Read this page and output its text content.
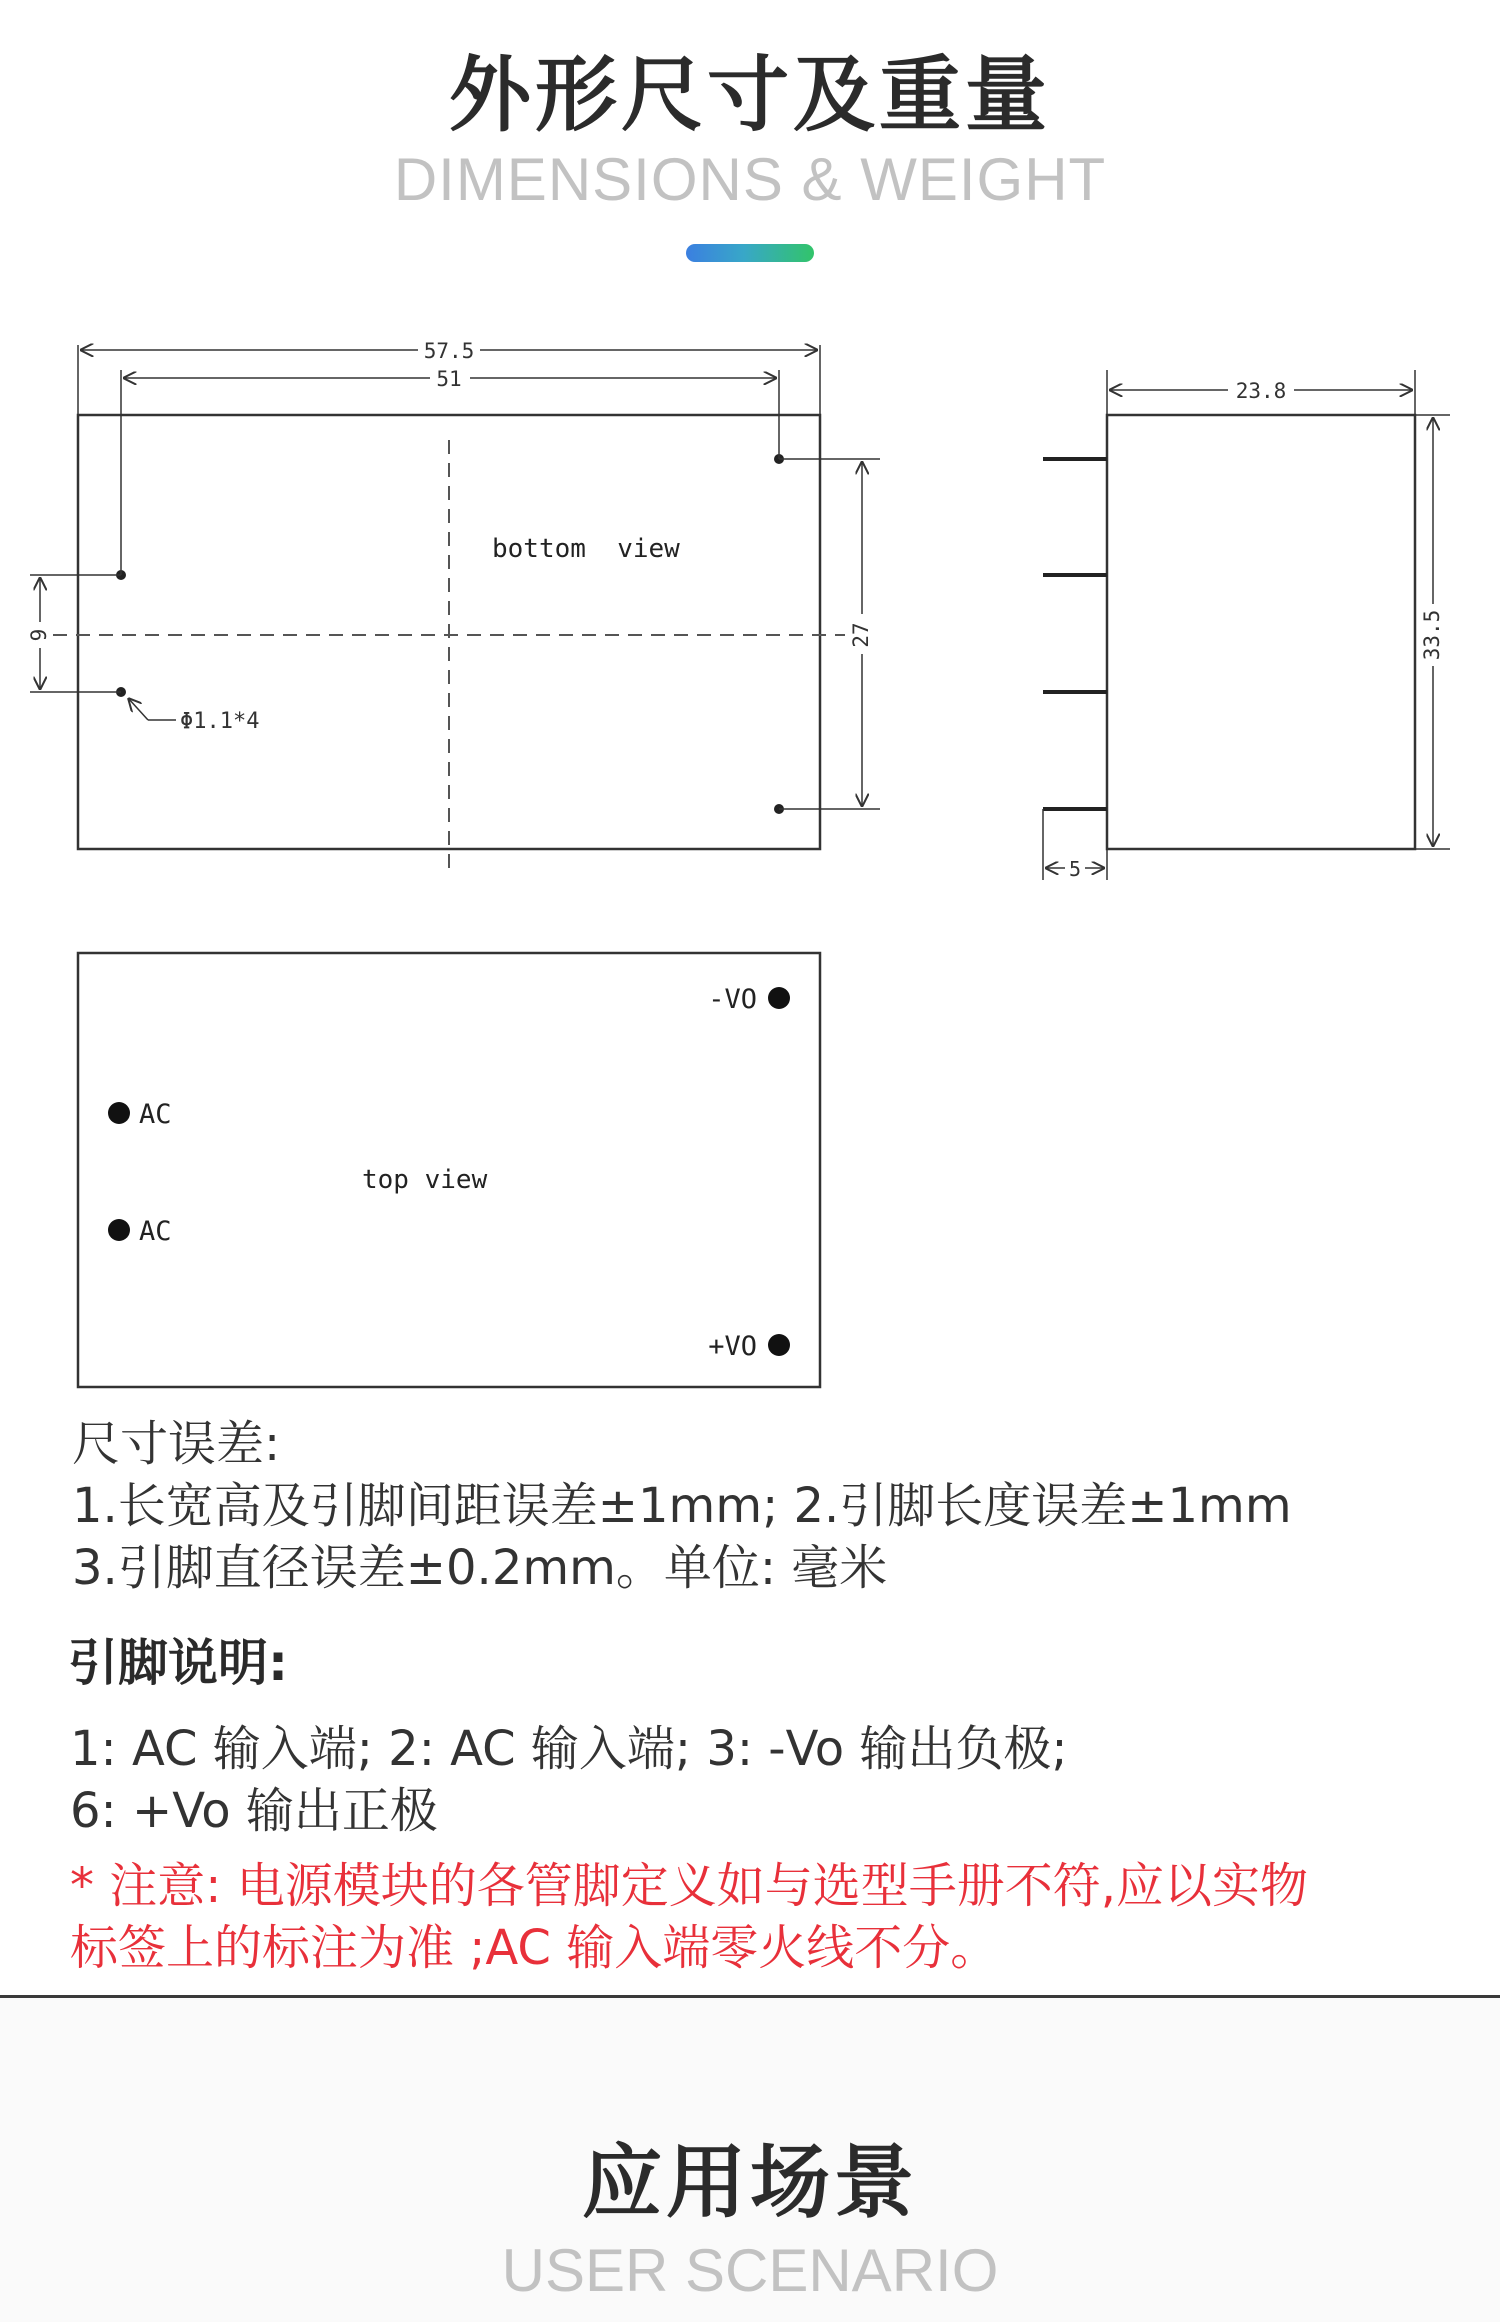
外形尺寸及重量
DIMENSIONS & WEIGHT
57.5
51
9	27
Φ1.1*4
bottom  view
23.8
33.5
5
-VO
AC
AC
+VO
top view
尺寸误差:
1.长宽高及引脚间距误差±1mm; 2.引脚长度误差±1mm
3.引脚直径误差±0.2mm。单位: 毫米
引脚说明:
1: AC 输入端; 2: AC 输入端; 3: -Vo 输出负极;
6: +Vo 输出正极
* 注意: 电源模块的各管脚定义如与选型手册不符,应以实物
标签上的标注为准 ;AC 输入端零火线不分。
应用场景
USER SCENARIO
